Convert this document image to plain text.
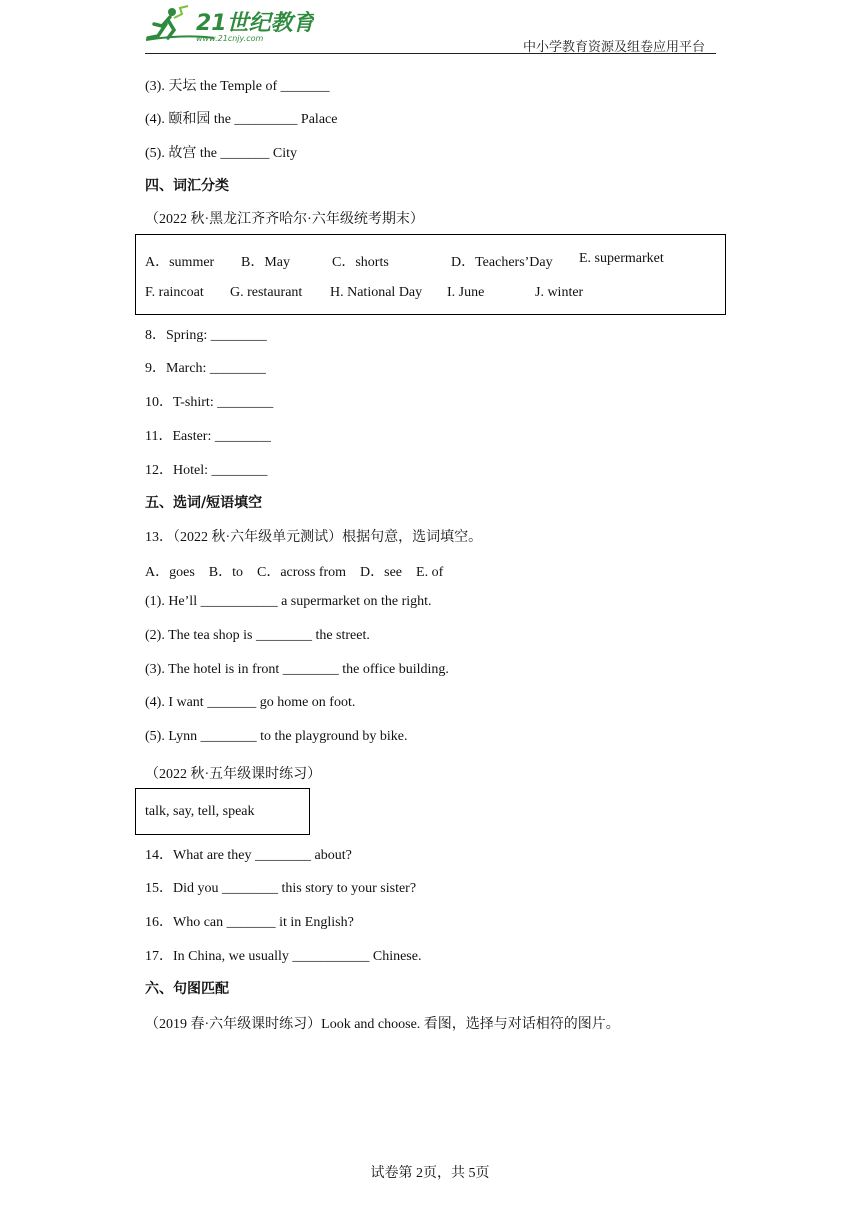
21世纪教育
www.21cnjy.com
中小学教育资源及组卷应用平台
(3). 天坛 the Temple of _______
(4). 颐和园 the _________ Palace
(5). 故宫 the _______ City
四、词汇分类
（2022 秋·黑龙江齐齐哈尔·六年级统考期末）
A．summer B．May	C．shorts	D．Teachers’Day E. supermarket
F. raincoat G. restaurant H. National Day I. June	J. winter
8．Spring: ________
9．March: ________
10．T-shirt: ________
11．Easter: ________
12．Hotel: ________
五、选词/短语填空
13．（2022 秋·六年级单元测试）根据句意，选词填空。
A．goes    B．to    C．across from    D．see    E. of
(1). He’ll ___________ a supermarket on the right.
(2). The tea shop is ________ the street.
(3). The hotel is in front ________ the office building.
(4). I want _______ go home on foot.
(5). Lynn ________ to the playground by bike.
（2022 秋·五年级课时练习）
talk, say, tell, speak
14．What are they ________ about?
15．Did you ________ this story to your sister?
16．Who can _______ it in English?
17．In China, we usually ___________ Chinese.
六、句图匹配
（2019 春·六年级课时练习）Look and choose. 看图，选择与对话相符的图片。
试卷第 2页，共 5页
